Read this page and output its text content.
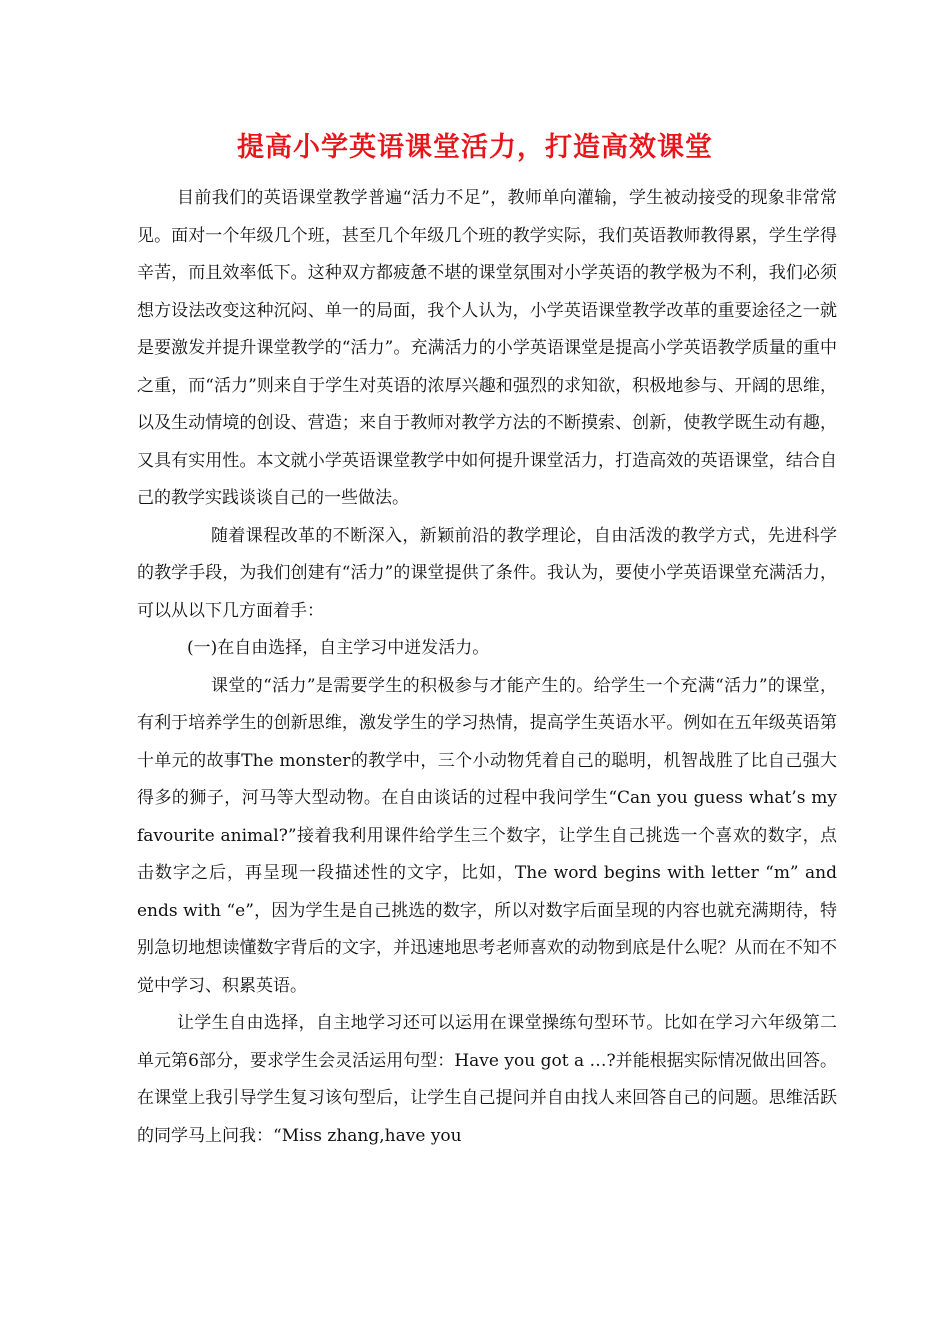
提高小学英语课堂活力，打造高效课堂

目前我们的英语课堂教学普遍“活力不足”，教师单向灌输，学生被动接受的现象非常常见。面对一个年级几个班，甚至几个年级几个班的教学实际，我们英语教师教得累，学生学得辛苦，而且效率低下。这种双方都疲惫不堪的课堂氛围对小学英语的教学极为不利，我们必须想方设法改变这种沉闷、单一的局面，我个人认为，小学英语课堂教学改革的重要途径之一就是要激发并提升课堂教学的“活力”。充满活力的小学英语课堂是提高小学英语教学质量的重中之重，而“活力”则来自于学生对英语的浓厚兴趣和强烈的求知欲，积极地参与、开阔的思维，以及生动情境的创设、营造；来自于教师对教学方法的不断摸索、创新，使教学既生动有趣，又具有实用性。本文就小学英语课堂教学中如何提升课堂活力，打造高效的英语课堂，结合自己的教学实践谈谈自己的一些做法。

随着课程改革的不断深入，新颖前沿的教学理论，自由活泼的教学方式，先进科学的教学手段，为我们创建有“活力”的课堂提供了条件。我认为，要使小学英语课堂充满活力，可以从以下几方面着手：

(一)在自由选择，自主学习中迸发活力。

课堂的“活力”是需要学生的积极参与才能产生的。给学生一个充满“活力”的课堂，有利于培养学生的创新思维，激发学生的学习热情，提高学生英语水平。例如在五年级英语第十单元的故事The monster的教学中，三个小动物凭着自己的聪明，机智战胜了比自己强大得多的狮子，河马等大型动物。在自由谈话的过程中我问学生“Can you guess what’s my favourite animal?”接着我利用课件给学生三个数字，让学生自己挑选一个喜欢的数字，点击数字之后，再呈现一段描述性的文字，比如，The word begins with letter “m” and ends with “e”，因为学生是自己挑选的数字，所以对数字后面呈现的内容也就充满期待，特别急切地想读懂数字背后的文字，并迅速地思考老师喜欢的动物到底是什么呢？从而在不知不觉中学习、积累英语。

让学生自由选择，自主地学习还可以运用在课堂操练句型环节。比如在学习六年级第二单元第6部分，要求学生会灵活运用句型：Have you got a …?并能根据实际情况做出回答。在课堂上我引导学生复习该句型后，让学生自己提问并自由找人来回答自己的问题。思维活跃的同学马上问我：“Miss zhang,have you
